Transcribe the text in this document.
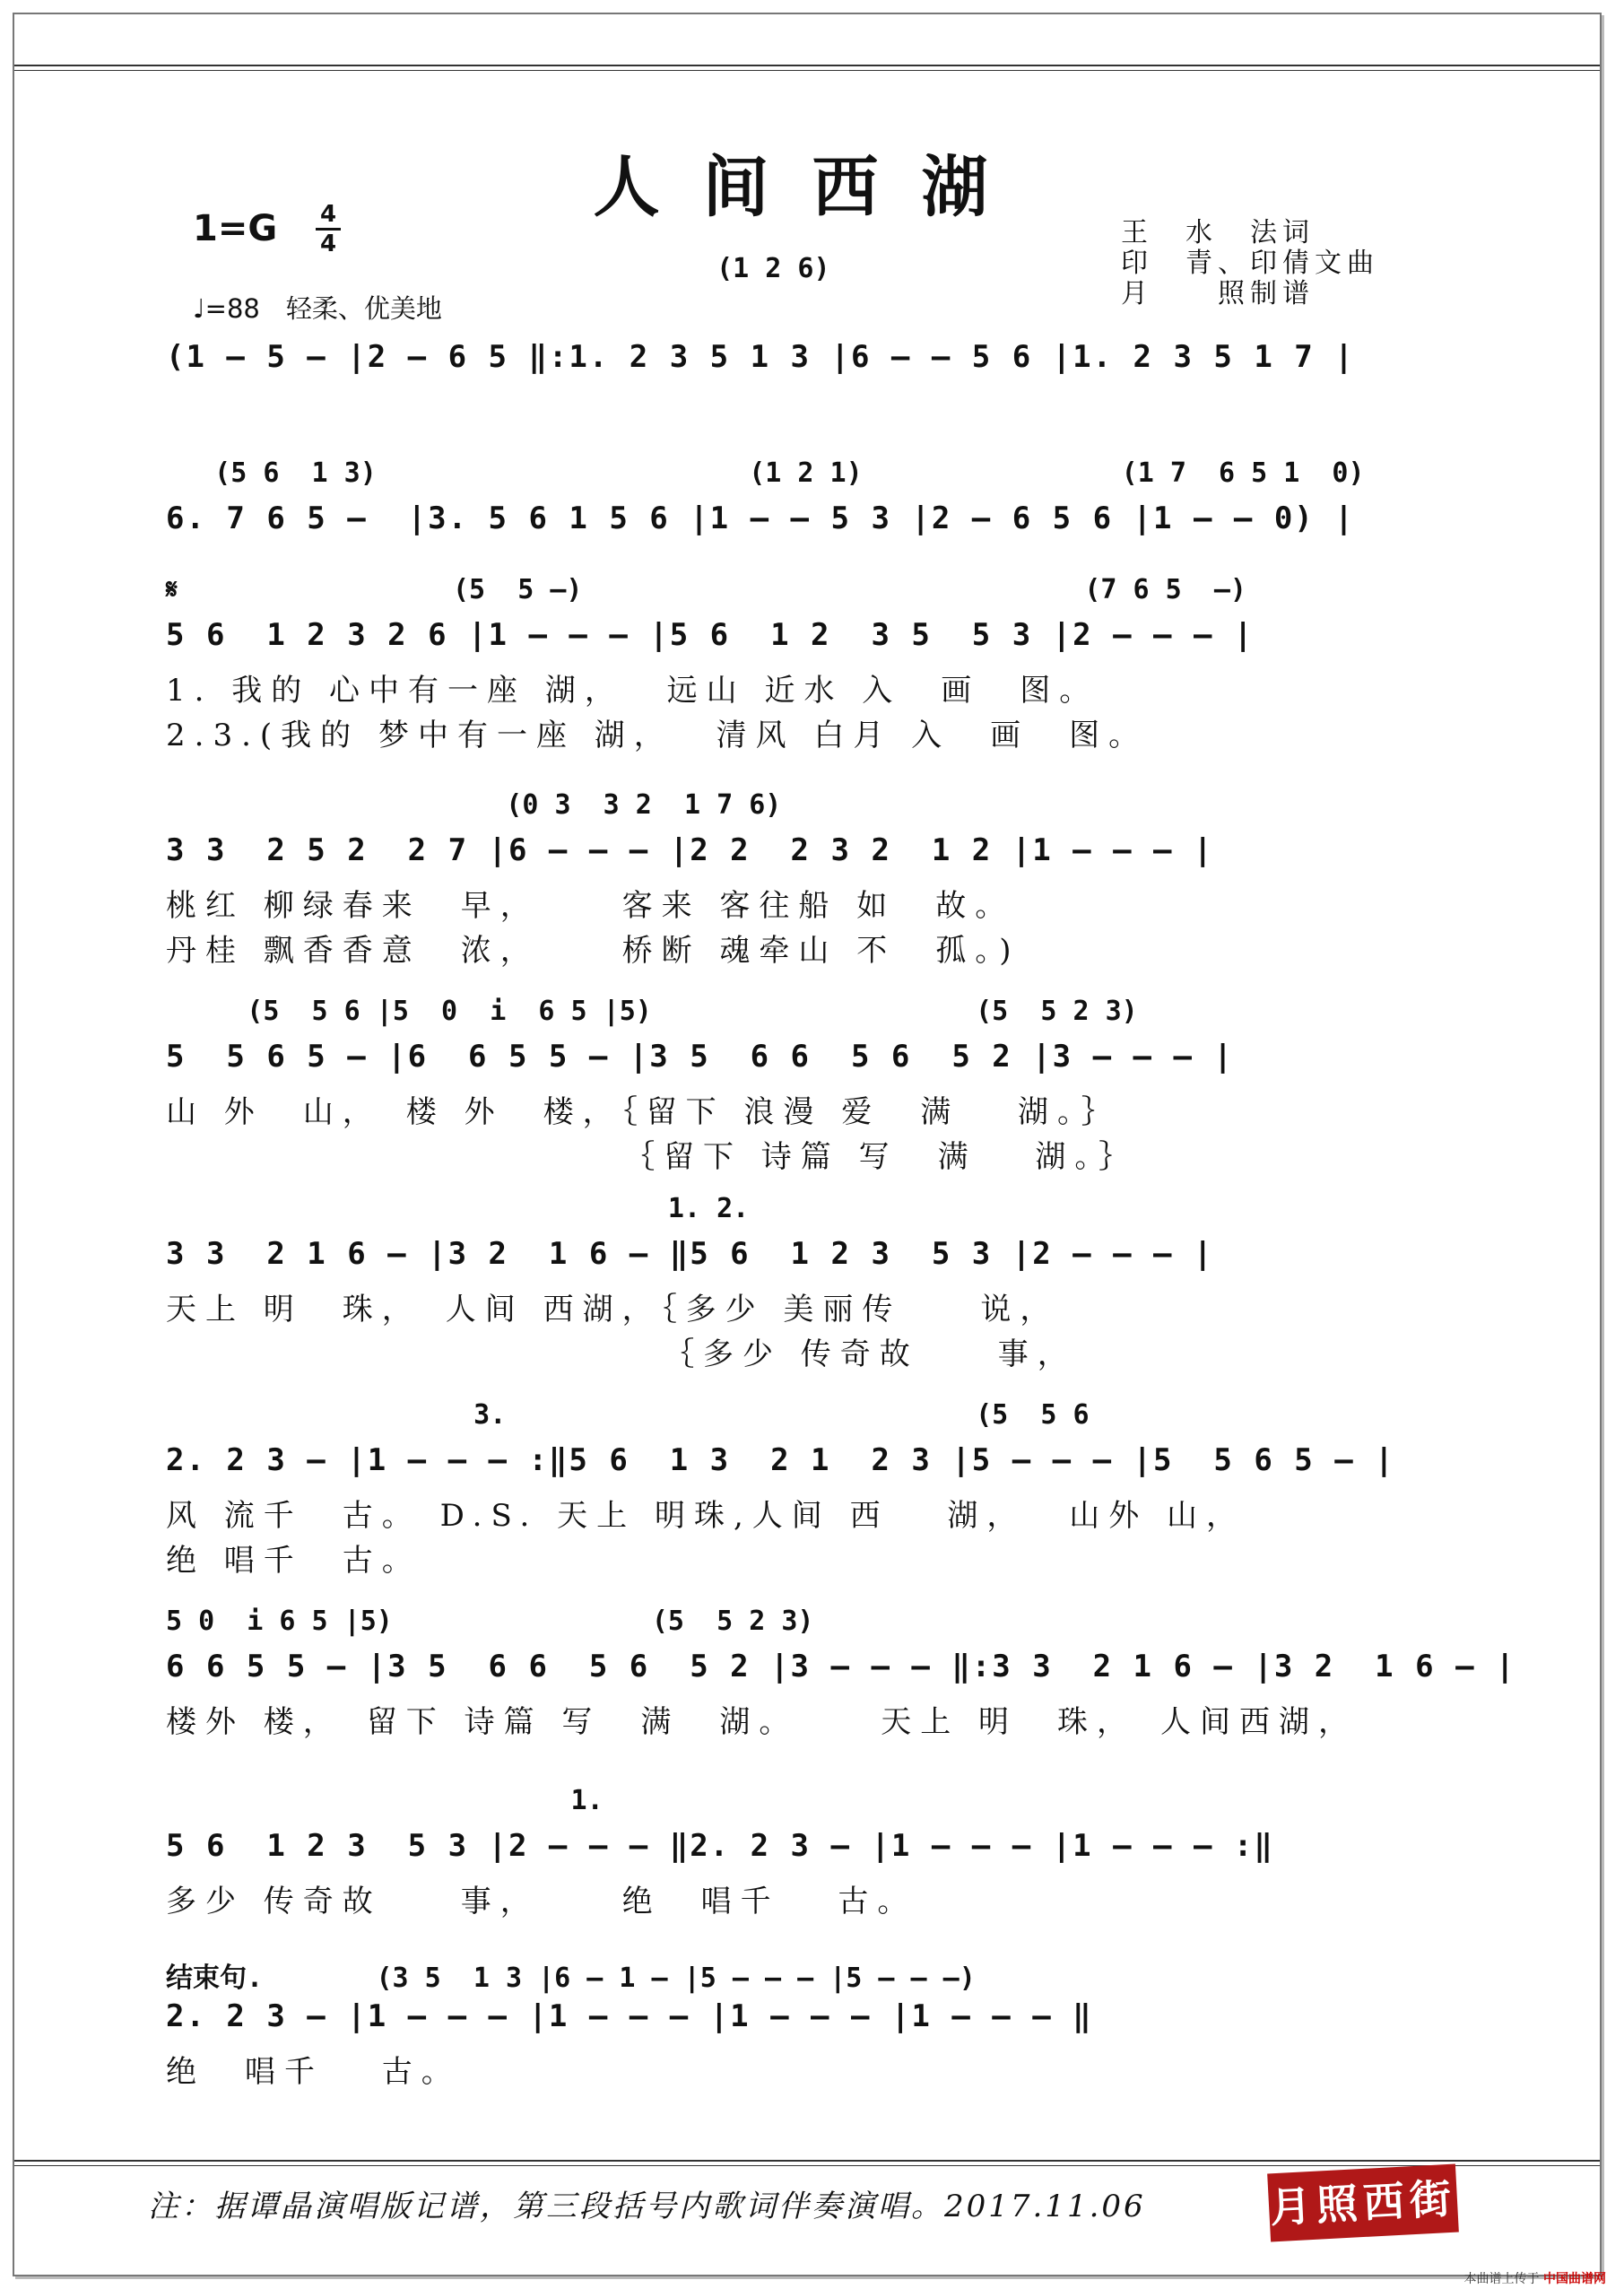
人间西湖
1=G 4
4
♩=88　轻柔、优美地
王　水　法词
印　青、印倩文曲
月　　照制谱
(1 2 6)
(1 – 5 – |2 – 6 5 ‖:1. 2 3 5 1 3 |6 – – 5 6 |1. 2 3 5 1 7 |
(5 6  1 3)                       (1 2 1)                (1 7  6 5 1  0)
6. 7 6 5 –  |3. 5 6 1 5 6 |1 – – 5 3 |2 – 6 5 6 |1 – – 0) |
𝄋                 (5  5 –)                               (7 6 5  –)
5 6  1 2 3 2 6 |1 – – – |5 6  1 2  3 5  5 3 |2 – – – |
1. 我的 心中有一座 湖，　 远山 近水 入　画　图。
2.3.(我的 梦中有一座 湖，　 清风 白月 入　画　图。
(0 3  3 2  1 7 6)
3 3  2 5 2  2 7 |6 – – – |2 2  2 3 2  1 2 |1 – – – |
桃红 柳绿春来　早，　　 客来 客往船 如　故。
丹桂 飘香香意　浓，　　 桥断 魂牵山 不　孤。)
(5  5 6 |5  0  i  6 5 |5)                    (5  5 2 3)
5  5 6 5 – |6  6 5 5 – |3 5  6 6  5 6  5 2 |3 – – – |
山 外　山，　楼 外　楼，｛留下 浪漫 爱　满　 湖。｝
　　　　　　　　　　　　｛留下 诗篇 写　满　 湖。｝
1. 2.
3 3  2 1 6 – |3 2  1 6 – ‖5 6  1 2 3  5 3 |2 – – – |
天上 明　珠，　人间 西湖，｛多少 美丽传　　说，
　　　　　　　　　　　　　｛多少 传奇故　　事，
3.                             (5  5 6
2. 2 3 – |1 – – – :‖5 6  1 3  2 1  2 3 |5 – – – |5  5 6 5 – |
风 流千　古。 D.S. 天上 明珠,人间 西　 湖，　 山外 山，
绝 唱千　古。
5 0  i 6 5 |5)                (5  5 2 3)
6 6 5 5 – |3 5  6 6  5 6  5 2 |3 – – – ‖:3 3  2 1 6 – |3 2  1 6 – |
楼外 楼，　留下 诗篇 写　满　湖。　　 天上 明　珠，　人间西湖，
1.
5 6  1 2 3  5 3 |2 – – – ‖2. 2 3 – |1 – – – |1 – – – :‖
多少 传奇故　　事，　　 绝　唱千　 古。
结束句.       (3 5  1 3 |6 – 1 – |5 – – – |5 – – –)
2. 2 3 – |1 – – – |1 – – – |1 – – – |1 – – – ‖
绝　唱千　 古。
注：据谭晶演唱版记谱，第三段括号内歌词伴奏演唱。2017.11.06	月照西街
本曲谱上传于 中国曲谱网
